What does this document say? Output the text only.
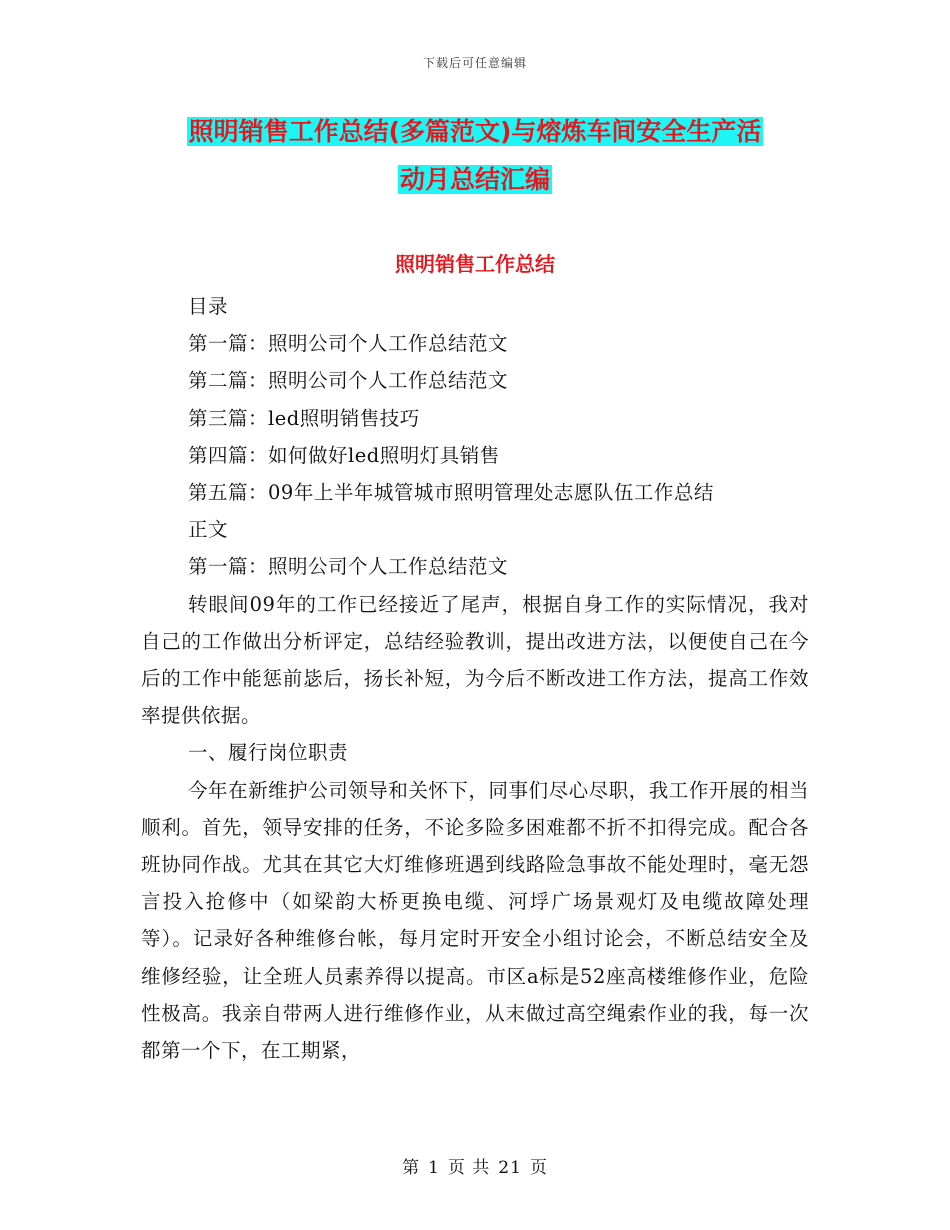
下载后可任意编辑
照明销售工作总结(多篇范文)与熔炼车间安全生产活
动月总结汇编
照明销售工作总结
目录
第一篇：照明公司个人工作总结范文
第二篇：照明公司个人工作总结范文
第三篇：led照明销售技巧
第四篇：如何做好led照明灯具销售
第五篇：09年上半年城管城市照明管理处志愿队伍工作总结
正文
第一篇：照明公司个人工作总结范文

转眼间09年的工作已经接近了尾声，根据自身工作的实际情况，我对自己的工作做出分析评定，总结经验教训，提出改进方法，以便使自己在今后的工作中能惩前毖后，扬长补短，为今后不断改进工作方法，提高工作效率提供依据。

一、履行岗位职责

今年在新维护公司领导和关怀下，同事们尽心尽职，我工作开展的相当顺利。首先，领导安排的任务，不论多险多困难都不折不扣得完成。配合各班协同作战。尤其在其它大灯维修班遇到线路险急事故不能处理时，毫无怨言投入抢修中（如梁韵大桥更换电缆、河垺广场景观灯及电缆故障处理等）。记录好各种维修台帐，每月定时开安全小组讨论会，不断总结安全及维修经验，让全班人员素养得以提高。市区a标是52座高楼维修作业，危险性极高。我亲自带两人进行维修作业，从末做过高空绳索作业的我，每一次都第一个下，在工期紧，

第 1 页 共 21 页
